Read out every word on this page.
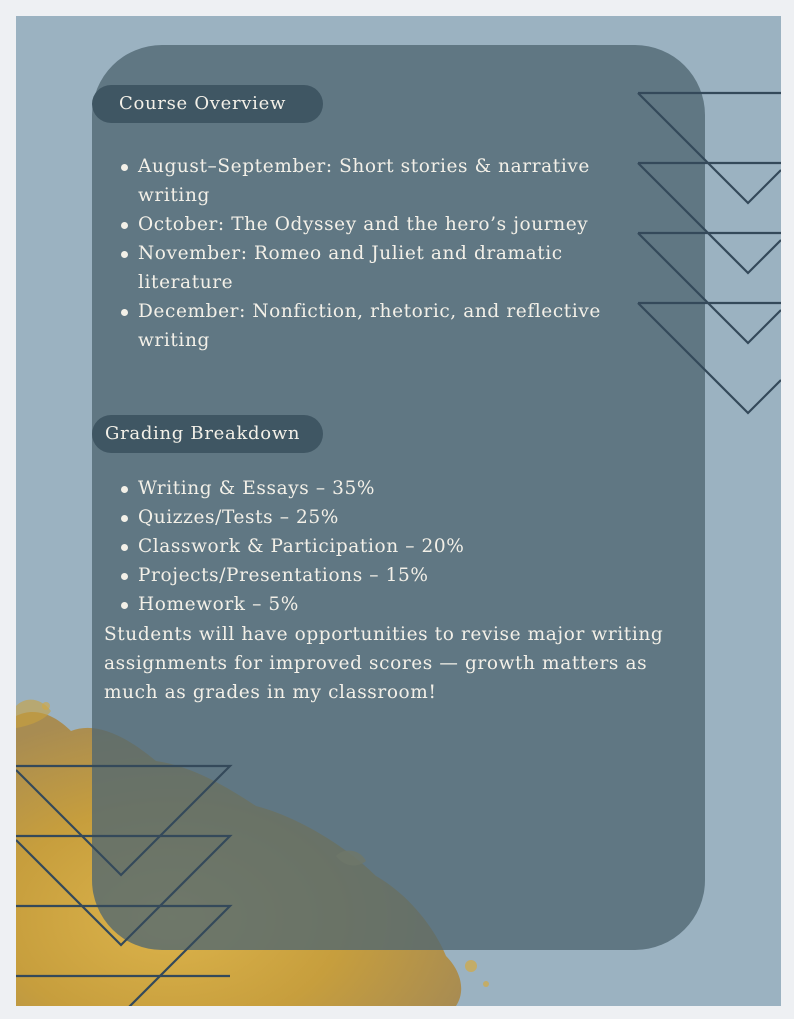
Course Overview
August–September: Short stories & narrative writing
October: The Odyssey and the hero’s journey
November: Romeo and Juliet and dramatic literature
December: Nonfiction, rhetoric, and reflective writing
Grading Breakdown
Writing & Essays – 35%
Quizzes/Tests – 25%
Classwork & Participation – 20%
Projects/Presentations – 15%
Homework – 5%

Students will have opportunities to revise major writing assignments for improved scores — growth matters as much as grades in my classroom!
